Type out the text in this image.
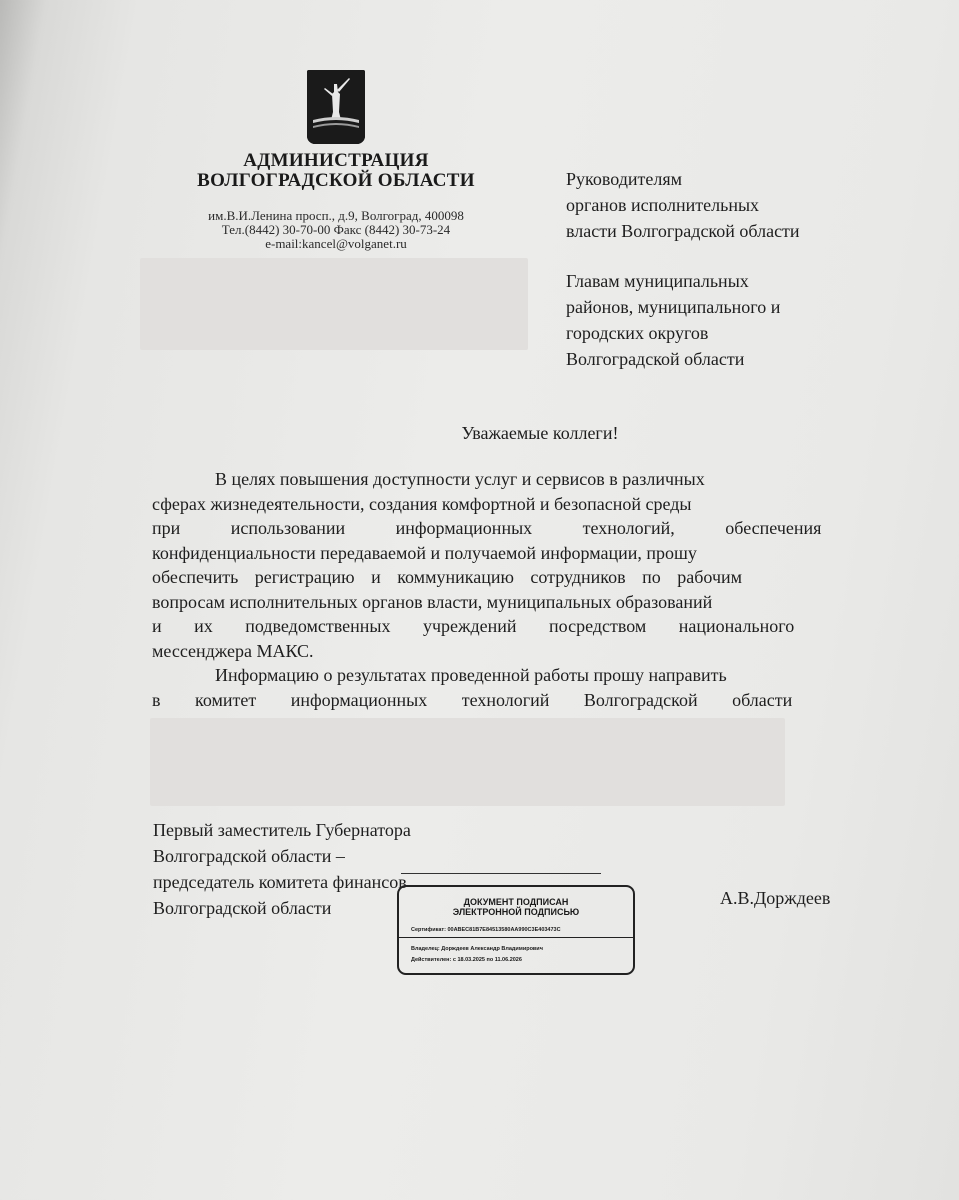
АДМИНИСТРАЦИЯ
ВОЛГОГРАДСКОЙ ОБЛАСТИ
им.В.И.Ленина просп., д.9, Волгоград, 400098
Тел.(8442) 30-70-00 Факс (8442) 30-73-24
e-mail:kancel@volganet.ru
Руководителям
органов исполнительных
власти Волгоградской области
Главам муниципальных
районов, муниципального и
городских округов
Волгоградской области
Уважаемые коллеги!
В целях повышения доступности услуг и сервисов в различных
сферах жизнедеятельности, создания комфортной и безопасной среды
при использовании информационных технологий, обеспечения
конфиденциальности передаваемой и получаемой информации, прошу
обеспечить регистрацию и коммуникацию сотрудников по рабочим
вопросам исполнительных органов власти, муниципальных образований
и их подведомственных учреждений посредством национального
мессенджера МАКС.
Информацию о результатах проведенной работы прошу направить
в комитет информационных технологий Волгоградской области
Первый заместитель Губернатора
Волгоградской области –
председатель комитета финансов
Волгоградской области	А.В.Дорждеев
ДОКУМЕНТ ПОДПИСАН
ЭЛЕКТРОННОЙ ПОДПИСЬЮ
Сертификат: 00ABEC81B7E84513580AA990C3E403473C
Владелец: Дорждеев Александр Владимирович
Действителен: с 18.03.2025 по 11.06.2026
